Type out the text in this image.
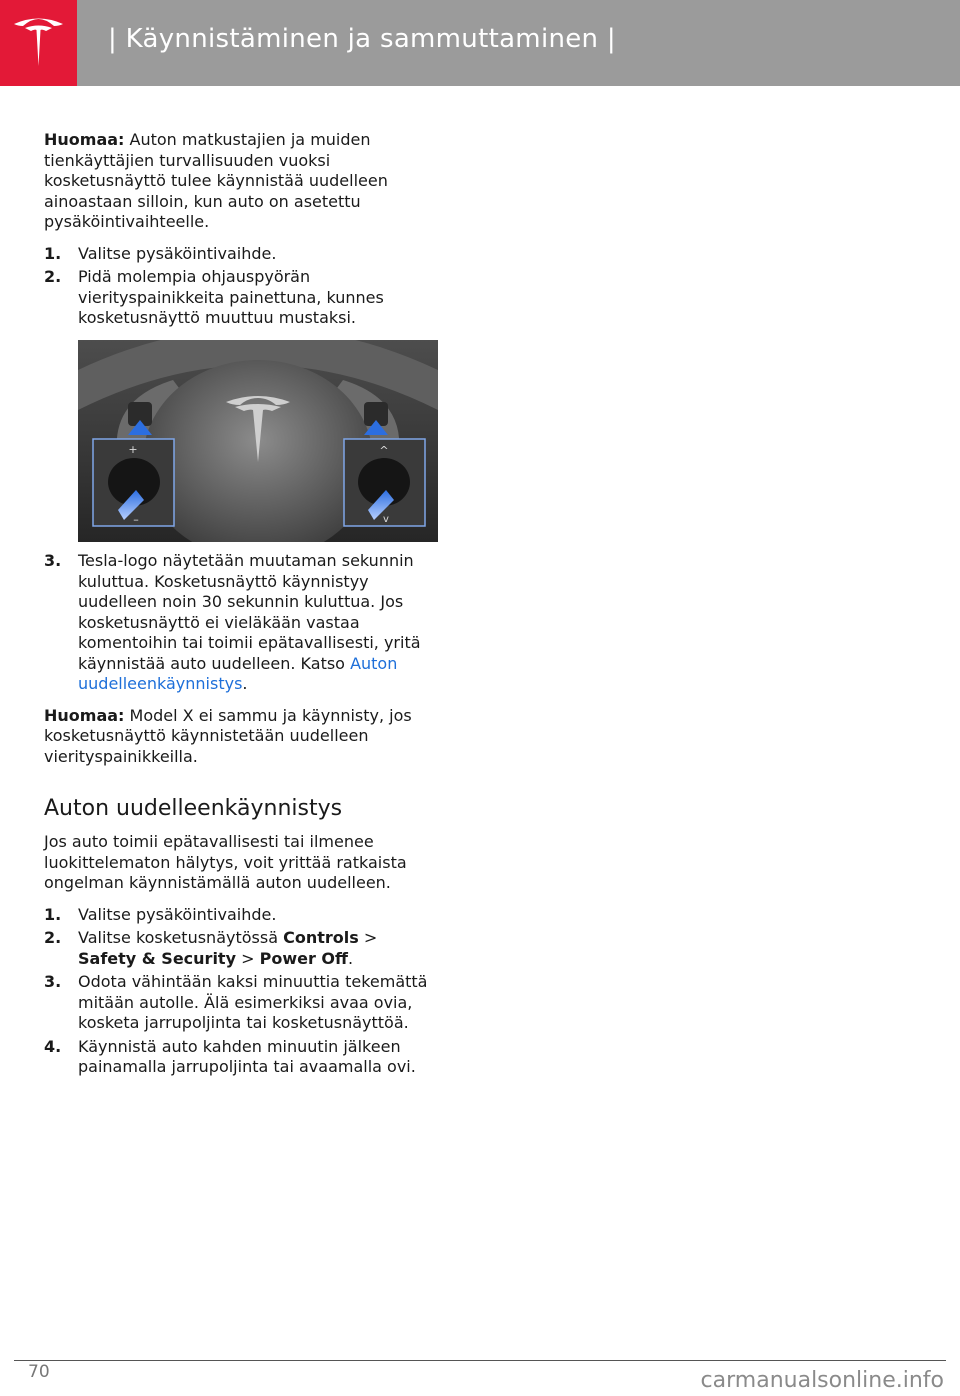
| Käynnistäminen ja sammuttaminen |

Huomaa: Auton matkustajien ja muiden tienkäyttäjien turvallisuuden vuoksi kosketusnäyttö tulee käynnistää uudelleen ainoastaan silloin, kun auto on asetettu pysäköintivaihteelle.

1. Valitse pysäköintivaihde.
2. Pidä molempia ohjauspyörän vierityspainikkeita painettuna, kunnes kosketusnäyttö muuttuu mustaksi.
+
–
^
v
3. Tesla-logo näytetään muutaman sekunnin kuluttua. Kosketusnäyttö käynnistyy uudelleen noin 30 sekunnin kuluttua. Jos kosketusnäyttö ei vieläkään vastaa komentoihin tai toimii epätavallisesti, yritä käynnistää auto uudelleen. Katso Auton uudelleenkäynnistys.

Huomaa: Model X ei sammu ja käynnisty, jos kosketusnäyttö käynnistetään uudelleen vierityspainikkeilla.

Auton uudelleenkäynnistys

Jos auto toimii epätavallisesti tai ilmenee luokittelematon hälytys, voit yrittää ratkaista ongelman käynnistämällä auton uudelleen.

1. Valitse pysäköintivaihde.
2. Valitse kosketusnäytössä Controls > Safety & Security > Power Off.
3. Odota vähintään kaksi minuuttia tekemättä mitään autolle. Älä esimerkiksi avaa ovia, kosketa jarrupoljinta tai kosketusnäyttöä.
4. Käynnistä auto kahden minuutin jälkeen painamalla jarrupoljinta tai avaamalla ovi.
70	carmanualsonline.info
